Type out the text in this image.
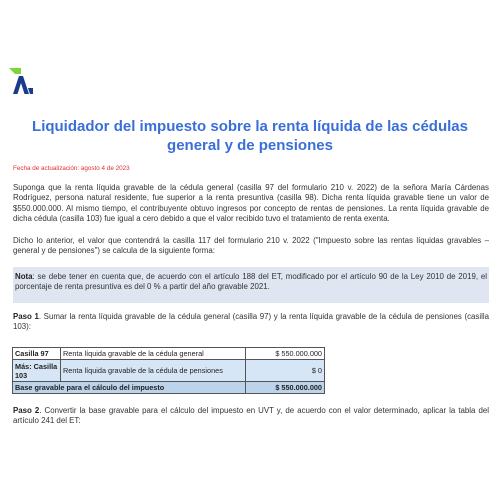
Liquidador del impuesto sobre la renta líquida de las cédulas general y de pensiones
Fecha de actualización: agosto 4 de 2023

Suponga que la renta líquida gravable de la cédula general (casilla 97 del formulario 210 v. 2022) de la señora María Cárdenas Rodríguez, persona natural residente, fue superior a la renta presuntiva (casilla 98). Dicha renta líquida gravable tiene un valor de $550.000.000. Al mismo tiempo, el contribuyente obtuvo ingresos por concepto de rentas de pensiones. La renta líquida gravable de dicha cédula (casilla 103) fue igual a cero debido a que el valor recibido tuvo el tratamiento de renta exenta.

Dicho lo anterior, el valor que contendrá la casilla 117 del formulario 210 v. 2022 ("Impuesto sobre las rentas líquidas gravables – general y de pensiones") se calcula de la siguiente forma:

Nota: se debe tener en cuenta que, de acuerdo con el artículo 188 del ET, modificado por el artículo 90 de la Ley 2010 de 2019, el porcentaje de renta presuntiva es del 0 % a partir del año gravable 2021.

Paso 1. Sumar la renta líquida gravable de la cédula general (casilla 97) y la renta líquida gravable de la cédula de pensiones (casilla 103):

Casilla 97	Renta líquida gravable de la cédula general	$ 550.000.000
Más: Casilla 103	Renta líquida gravable de la cédula de pensiones	$ 0
Base gravable para el cálculo del impuesto		$ 550.000.000

Paso 2. Convertir la base gravable para el cálculo del impuesto en UVT y, de acuerdo con el valor determinado, aplicar la tabla del artículo 241 del ET:
